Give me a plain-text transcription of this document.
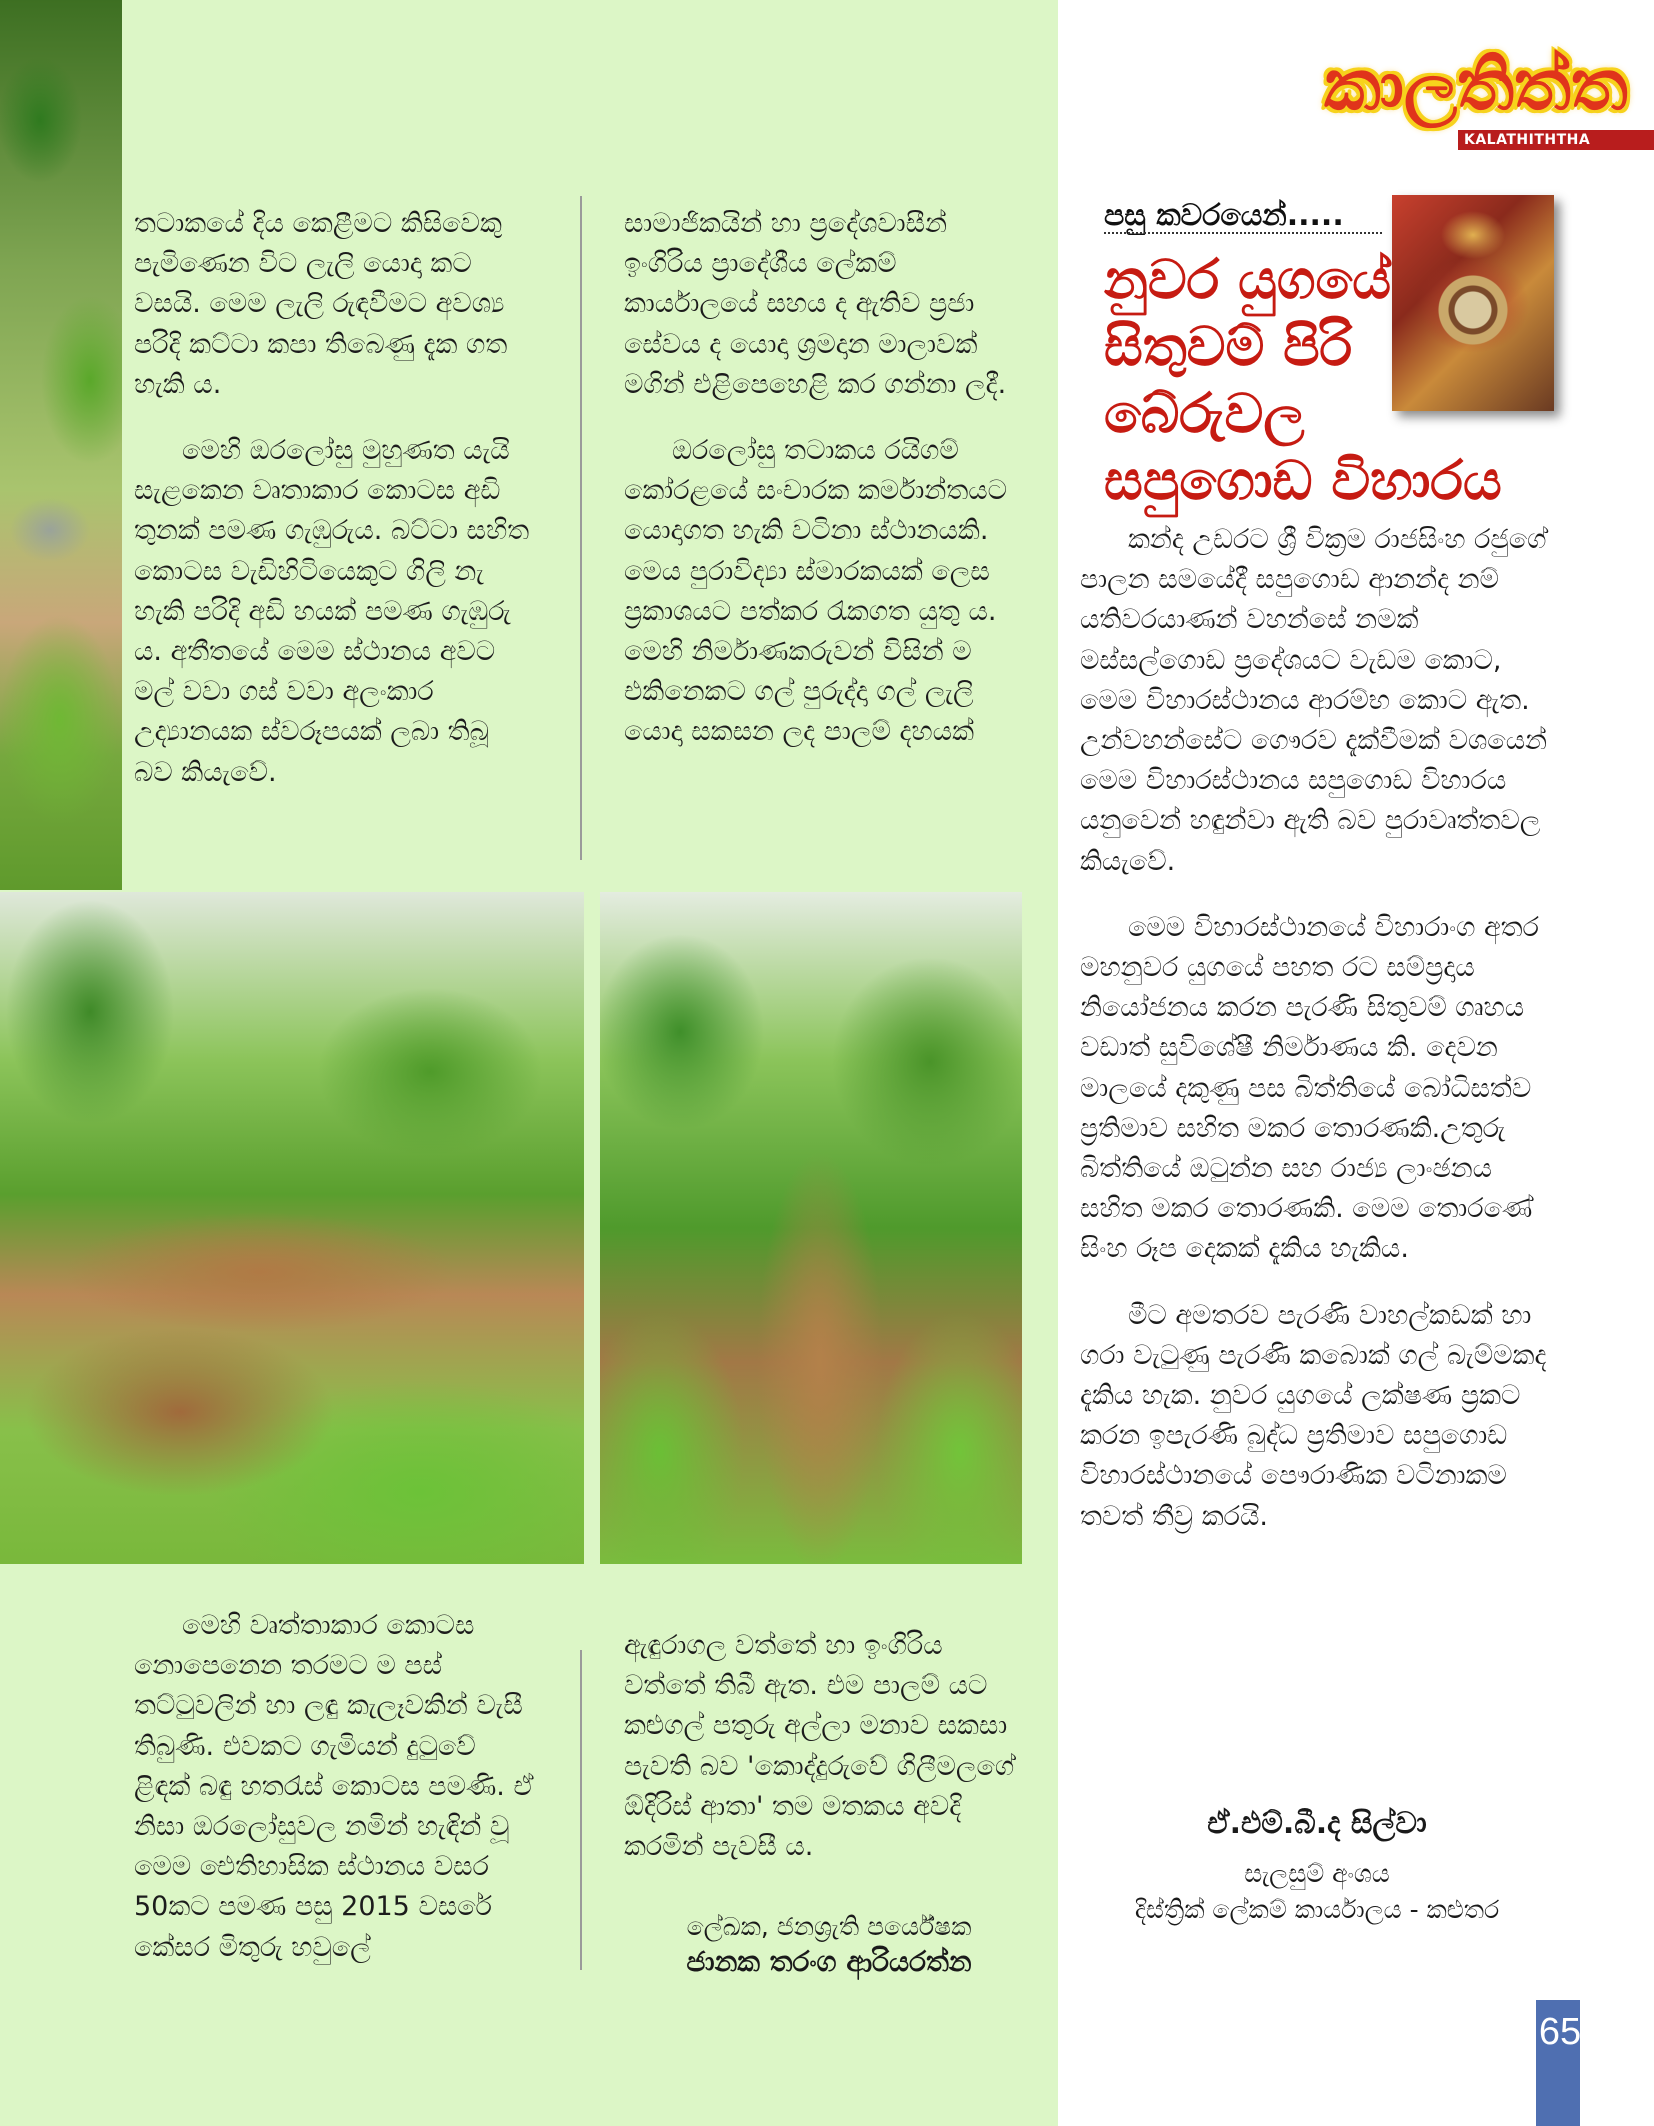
තටාකයේ දිය කෙළීමට කිසිවෙකු පැමිණෙන විට ලැලි යොදා කට වසයි. මෙම ලැලි රුඳවීමට අවශ්‍ය පරිදි කට්ටා කපා තිබෙණු දැක ගත හැකි ය.

මෙහි ඔරලෝසු මුහුණත යැයි සැළකෙන වෘතාකාර කොටස අඩි තුනක් පමණ ගැඹුරුය. බට්ටා සහිත කොටස වැඩිහිටියෙකුට ගිලි නැ හැකි පරිදි අඩි හයක් පමණ ගැඹුරු ය. අතීතයේ මෙම ස්ථානය අවට මල් වවා ගස් වවා අලංකාර උද්‍යානයක ස්වරූපයක් ලබා තිබූ බව කියැවේ.

සාමාජිකයින් හා ප්‍රදේශවාසීන් ඉංගිරිය ප්‍රාදේශීය ලේකම් කාර්යාලයේ සහය ද ඇතිව ප්‍රජා සේවය ද යොදා ශ්‍රමදාන මාලාවක් මගින් එළිපෙහෙළි කර ගන්නා ලදී.

ඔරලෝසු තටාකය රයිගම් කෝරළයේ සංචාරක කර්මාන්තයට යොදාගත හැකි වටිනා ස්ථානයකි. මෙය පුරාවිද්‍යා ස්මාරකයක් ලෙස ප්‍රකාශයට පත්කර රැකගත යුතු ය. මෙහි නිර්මාණකරුවන් විසින් ම එකිනෙකට ගල් පුරුද්දා ගල් ලැලි යොදා සකසන ලද පාලම් දහයක්

මෙහි වෘත්තාකාර කොටස නොපෙනෙන තරමට ම පස් තට්ටුවලින් හා ලඳු කැලෑවකින් වැසී තිබුණි. එවකට ගැමියන් දුටුවේ ළිඳක් බඳු හතරැස් කොටස පමණි. ඒ නිසා ඔරලෝසුවල නමින් හැඳින් වූ මෙම ඓතිහාසික ස්ථානය වසර 50කට පමණ පසු 2015 වසරේ කේසර මිතුරු හවුලේ

ඇඳුරාගල වත්තේ හා ඉංගිරිය වත්තේ තිබී ඇත. එම පාලම් යට කළුගල් පතුරු අල්ලා මනාව සකසා පැවති බව 'කොද්දුරුවේ ගිලීමලගේ ඕදිරිස් ආතා' තම මතකය අවදි කරමින් පැවසී ය.

ලේඛක, ජනශ්‍රැති පර්යේෂක
ජානක තරංග ආරියරත්න
කාලතිත්ත
KALATHITHTHA
පසු කවරයෙන්.....
නුවර යුගයේ
සිතුවම් පිරි
බේරුවල
සපුගොඩ විහාරය

කන්ද උඩරට ශ්‍රී වික්‍රම රාජසිංහ රජුගේ පාලන සමයේදී සපුගොඩ ආනන්ද නම් යතිවරයාණන් වහන්සේ නමක් මස්සල්ගොඩ ප්‍රදේශයට වැඩම කොට, මෙම විහාරස්ථානය ආරම්භ කොට ඇත. උන්වහන්සේට ගෞරව දැක්වීමක් වශයෙන් මෙම විහාරස්ථානය සපුගොඩ විහාරය යනුවෙන් හඳුන්වා ඇති බව පුරාවෘත්තවල කියැවේ.

මෙම විහාරස්ථානයේ විහාරාංග අතර මහනුවර යුගයේ පහත රට සම්ප්‍රදාය නියෝජනය කරන පැරණි සිතුවම් ගෘහය වඩාත් සුවිශේෂී නිර්මාණය කි. දෙවන මාලයේ දකුණු පස බිත්තියේ බෝධිසත්ව ප්‍රතිමාව සහිත මකර තොරණකි.උතුරු බිත්තියේ ඔටුන්න සහ රාජ්‍ය ලාංඡනය සහිත මකර තොරණකි. මෙම තොරණේ සිංහ රූප දෙකක් දැකිය හැකිය.

මීට අමතරව පැරණි වාහල්කඩක් හා ගරා වැටුණු පැරණි කබොක් ගල් බැම්මකද දැකිය හැක. නුවර යුගයේ ලක්ෂණ ප්‍රකට කරන ඉපැරණි බුද්ධ ප්‍රතිමාව සපුගොඩ විහාරස්ථානයේ පෞරාණික වටිනාකම තවත් තීව්‍ර කරයි.

ඒ.එම්.බී.ද සිල්වා
සැලසුම් අංශය
දිස්ත්‍රික් ලේකම් කාර්යාලය - කළුතර
65
